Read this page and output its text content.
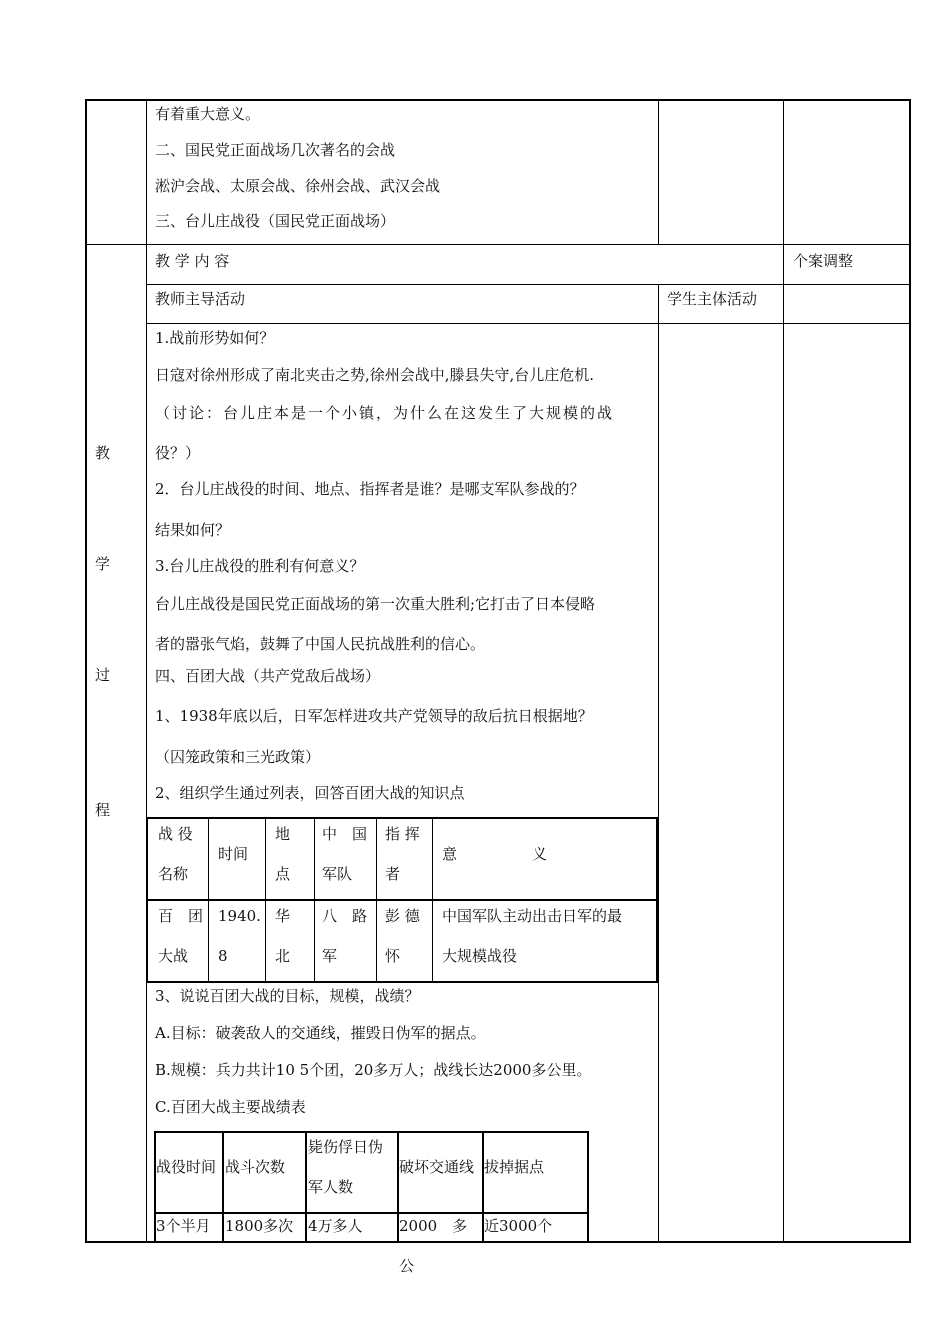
有着重大意义。
二、国民党正面战场几次著名的会战
淞沪会战、太原会战、徐州会战、武汉会战
三、台儿庄战役（国民党正面战场）
教 学 内 容	个案调整
教师主导活动	学生主体活动
教
学
过
程
1.战前形势如何？
日寇对徐州形成了南北夹击之势,徐州会战中,滕县失守,台儿庄危机.
（讨论：台儿庄本是一个小镇，为什么在这发生了大规模的战
役？）
2．台儿庄战役的时间、地点、指挥者是谁？是哪支军队参战的？
结果如何？
3.台儿庄战役的胜利有何意义？
台儿庄战役是国民党正面战场的第一次重大胜利;它打击了日本侵略
者的嚣张气焰，鼓舞了中国人民抗战胜利的信心。
四、百团大战（共产党敌后战场）
1、1938年底以后，日军怎样进攻共产党领导的敌后抗日根据地？
（囚笼政策和三光政策）
2、组织学生通过列表，回答百团大战的知识点
战 役
名称
时间
地
点
中　国
军队
指 挥
者
意　　　　　义
百　团
大战
1940.
8
华
北
八　路
军
彭 德
怀
中国军队主动出击日军的最
大规模战役
3、说说百团大战的目标，规模，战绩？
A.目标：破袭敌人的交通线，摧毁日伪军的据点。
B.规模：兵力共计10 5个团，20多万人；战线长达2000多公里。
C.百团大战主要战绩表
战役时间 战斗次数
毙伤俘日伪
军人数
破坏交通线 拔掉据点
3个半月 1800多次 4万多人 2000　多　公
近3000个
